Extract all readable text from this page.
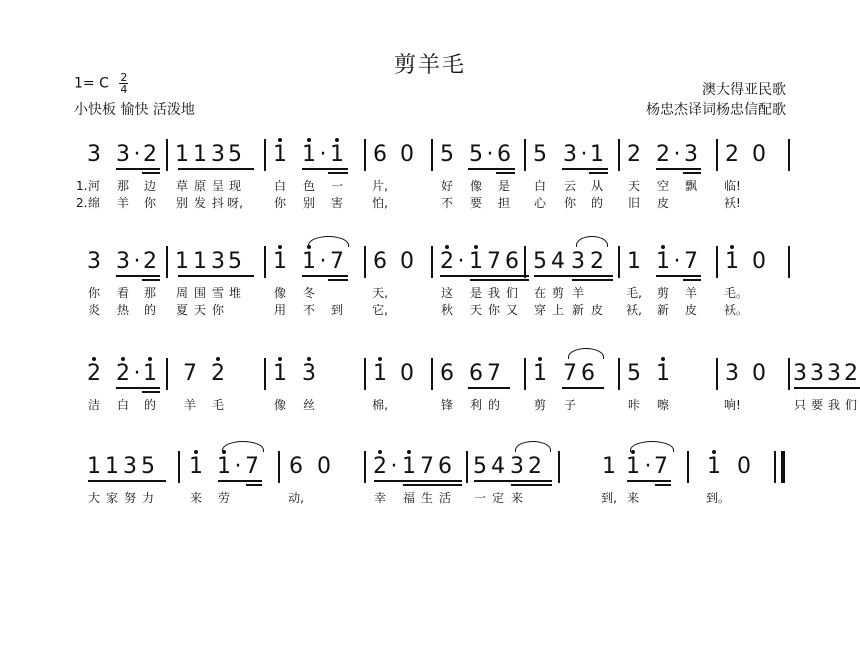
剪羊毛
1= C $\frac{2}{4}$
小快板 愉快 活泼地
澳大得亚民歌
杨忠杰译词杨忠信配歌
3 3 · 2 1 1 3 5 1 1 · 1 6 0 5 5 · 6 5 3 · 1 2 2 · 3 2 0
1. 河 那 边 草 原 呈 现	白 色 一 片,	好 像 是 白 云 从 天 空 飘 临!
2. 绵 羊 你 别 发 抖 呀,	你 别 害 怕,	不 要 担 心 你 的 旧 皮	袄!
3 3 · 2 1 1 3 5 1 1 · 7 6 0 2 · 1 7 6 5 4 3 2 1 1 · 7 1 0
你 看 那 周 围 雪 堆	像 冬	天,	这 是 我 们 在 剪 羊	毛, 剪 羊 毛。
炎 热 的 夏 天 你	用 不 到 它,	秋 天 你 又 穿 上 新 皮 袄, 新 皮 袄。
2 2 · 1 7 2 1 3	1 0 6 6 7 1 7 6 5 1	3 0 3 3 3 2
洁 白 的 羊 毛	像 丝	棉,	锋 利 的	剪 子	咔 嚓	响!	只 要 我 们
1 1 3 5 1 1 · 7 6 0 2 · 1 7 6 5 4 3 2	1 1 · 7 1 0
大 家 努 力	来 劳	动,	幸 福 生 活 一 定 来	到, 来	到。
